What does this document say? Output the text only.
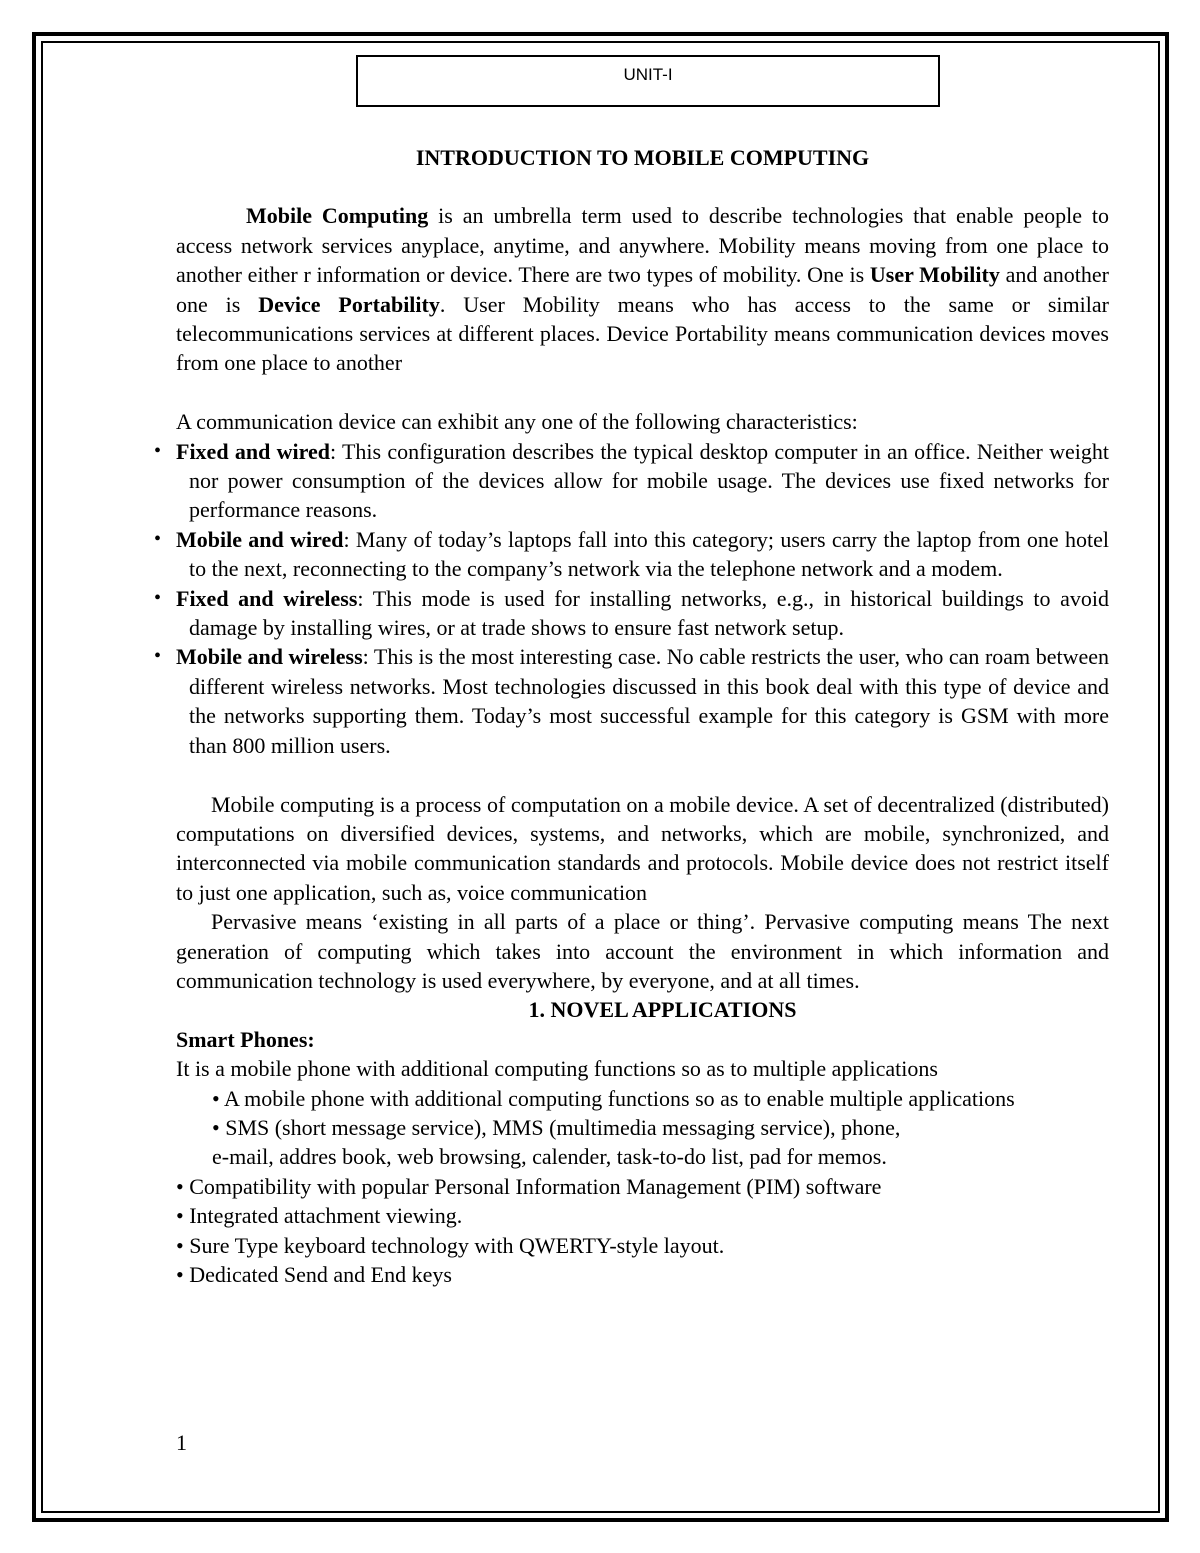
UNIT-I

INTRODUCTION TO MOBILE COMPUTING

Mobile Computing is an umbrella term used to describe technologies that enable people to access network services anyplace, anytime, and anywhere. Mobility means moving from one place to another either r information or device. There are two types of mobility. One is User Mobility and another one is Device Portability. User Mobility means who has access to the same or similar telecommunications services at different places. Device Portability means communication devices moves from one place to another

A communication device can exhibit any one of the following characteristics:

• Fixed and wired: This configuration describes the typical desktop computer in an office. Neither weight nor power consumption of the devices allow for mobile usage. The devices use fixed networks for performance reasons.
• Mobile and wired: Many of today’s laptops fall into this category; users carry the laptop from one hotel to the next, reconnecting to the company’s network via the telephone network and a modem.
• Fixed and wireless: This mode is used for installing networks, e.g., in historical buildings to avoid damage by installing wires, or at trade shows to ensure fast network setup.
• Mobile and wireless: This is the most interesting case. No cable restricts the user, who can roam between different wireless networks. Most technologies discussed in this book deal with this type of device and the networks supporting them. Today’s most successful example for this category is GSM with more than 800 million users.

Mobile computing is a process of computation on a mobile device. A set of decentralized (distributed) computations on diversified devices, systems, and networks, which are mobile, synchronized, and interconnected via mobile communication standards and protocols. Mobile device does not restrict itself to just one application, such as, voice communication

Pervasive means ‘existing in all parts of a place or thing’. Pervasive computing means The next generation of computing which takes into account the environment in which information and communication technology is used everywhere, by everyone, and at all times.

1. NOVEL APPLICATIONS

Smart Phones:

It is a mobile phone with additional computing functions so as to multiple applications

• A mobile phone with additional computing functions so as to enable multiple applications

• SMS (short message service), MMS (multimedia messaging service), phone,

e-mail, addres book, web browsing, calender, task-to-do list, pad for memos.

• Compatibility with popular Personal Information Management (PIM) software

• Integrated attachment viewing.

• Sure Type keyboard technology with QWERTY-style layout.

• Dedicated Send and End keys

1
